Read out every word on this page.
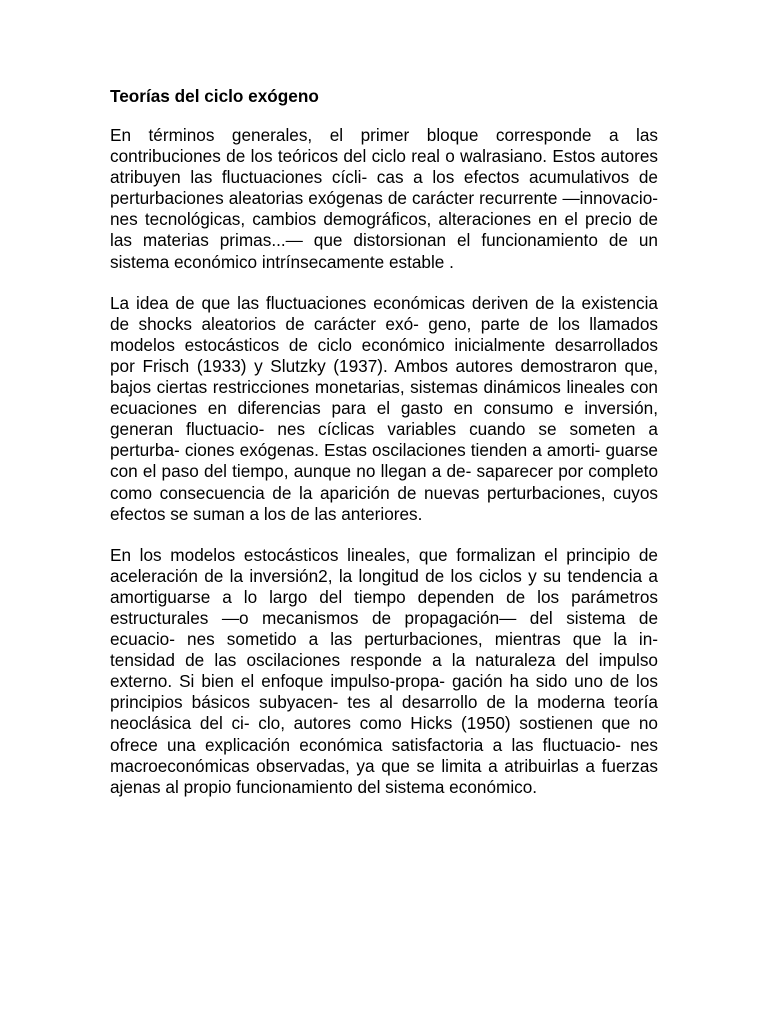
Teorías del ciclo exógeno

En términos generales, el primer bloque corresponde a las contribuciones de los teóricos del ciclo real o walrasiano. Estos autores atribuyen las fluctuaciones cícli- cas a los efectos acumulativos de perturbaciones aleatorias exógenas de carácter recurrente —innovacio- nes tecnológicas, cambios demográficos, alteraciones en el precio de las materias primas...— que distorsionan el funcionamiento de un sistema económico intrínsecamente estable .

La idea de que las fluctuaciones económicas deriven de la existencia de shocks aleatorios de carácter exó- geno, parte de los llamados modelos estocásticos de ciclo económico inicialmente desarrollados por Frisch (1933) y Slutzky (1937). Ambos autores demostraron que, bajos ciertas restricciones monetarias, sistemas dinámicos lineales con ecuaciones en diferencias para el gasto en consumo e inversión, generan fluctuacio- nes cíclicas variables cuando se someten a perturba- ciones exógenas. Estas oscilaciones tienden a amorti- guarse con el paso del tiempo, aunque no llegan a de- saparecer por completo como consecuencia de la aparición de nuevas perturbaciones, cuyos efectos se suman a los de las anteriores.

En los modelos estocásticos lineales, que formalizan el principio de aceleración de la inversión2, la longitud de los ciclos y su tendencia a amortiguarse a lo largo del tiempo dependen de los parámetros estructurales —o mecanismos de propagación— del sistema de ecuacio- nes sometido a las perturbaciones, mientras que la in- tensidad de las oscilaciones responde a la naturaleza del impulso externo. Si bien el enfoque impulso-propa- gación ha sido uno de los principios básicos subyacen- tes al desarrollo de la moderna teoría neoclásica del ci- clo, autores como Hicks (1950) sostienen que no ofrece una explicación económica satisfactoria a las fluctuacio- nes macroeconómicas observadas, ya que se limita a atribuirlas a fuerzas ajenas al propio funcionamiento del sistema económico.
